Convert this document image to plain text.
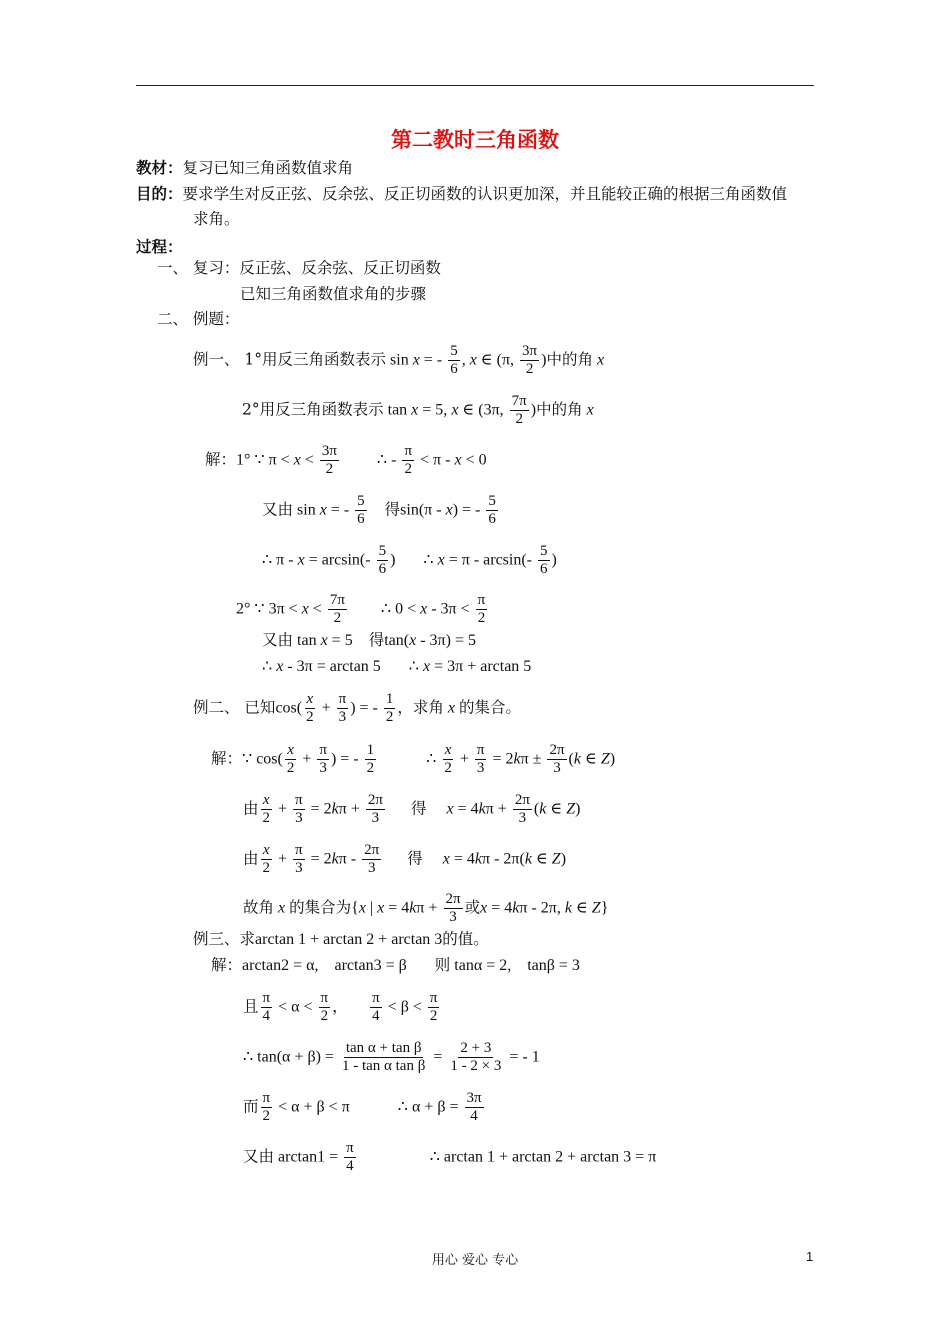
第二教时三角函数
教材：复习已知三角函数值求角
目的：要求学生对反正弦、反余弦、反正切函数的认识更加深，并且能较正确的根据三角函数值
求角。
过程：
一、 复习：反正弦、反余弦、反正切函数
已知三角函数值求角的步骤
二、 例题：
例一、 1°用反三角函数表示 sin x = - $\frac{5}{6}$ , x ∈ (π, $\frac{3\pi}{2}$ )中的角 x
2°用反三角函数表示 tan x = 5, x ∈ (3π, $\frac{7\pi}{2}$ )中的角 x
解：1° ∵ $\pi < x < \frac{3\pi}{2}$ ∴ - $\frac{\pi}{2} < \pi - x < 0$
又由 sin x = - $\frac{5}{6}$ 得sin(π - x) = - $\frac{5}{6}$
∴ $\pi - x = \arcsin(- \frac{5}{6}$ )       ∴ $x = \pi - \arcsin(- \frac{5}{6}$ )
2° ∵ $3\pi < x < \frac{7\pi}{2}$ ∴ $0 < x - 3\pi < \frac{\pi}{2}$
又由 tan x = 5    得tan(x - 3π) = 5
∴ x - 3π = arctan 5       ∴ x = 3π + arctan 5
例二、 已知$\cos( \frac{x}{2} + \frac{\pi}{3}$ ) = - $\frac{1}{2}$ ，求角 x 的集合。
解：∵ $\cos( \frac{x}{2} + \frac{\pi}{3}$ ) = - $\frac{1}{2}$ ∴ $\frac{x}{2} + \frac{\pi}{3} = 2k\pi \pm \frac{2\pi}{3} (k$ ∈ Z)
由 $\frac{x}{2} + \frac{\pi}{3} = 2k\pi + \frac{2\pi}{3}$ 得 $x = 4k\pi + \frac{2\pi}{3} (k$ ∈ Z)
由 $\frac{x}{2} + \frac{\pi}{3} = 2k\pi - \frac{2\pi}{3}$ 得 x = 4kπ - 2π(k ∈ Z)
故角 x 的集合为{x | $x = 4k\pi + \frac{2\pi}{3}$ 或x = 4kπ - 2π, k ∈ Z}
例三、求arctan 1 + arctan 2 + arctan 3的值。
解：arctan2 = α,    arctan3 = β       则 tanα = 2,    tanβ = 3
且 $\frac{\pi}{4} < \alpha < \frac{\pi}{2}$ ， $\frac{\pi}{4} < \beta < \frac{\pi}{2}$
∴ $\tan(\alpha + \beta) = \frac{\text{tan α + tan β}}{\text{1 - tan α tan β}} = \frac{2 + 3}{1 - 2 \times 3}$ = - 1
而 $\frac{\pi}{2} < \alpha + \beta < \pi$            ∴ $\alpha + \beta = \frac{3\pi}{4}$
又由 $\arctan 1 = \frac{\pi}{4}$ ∴ arctan 1 + arctan 2 + arctan 3 = π
用心 爱心 专心	1
